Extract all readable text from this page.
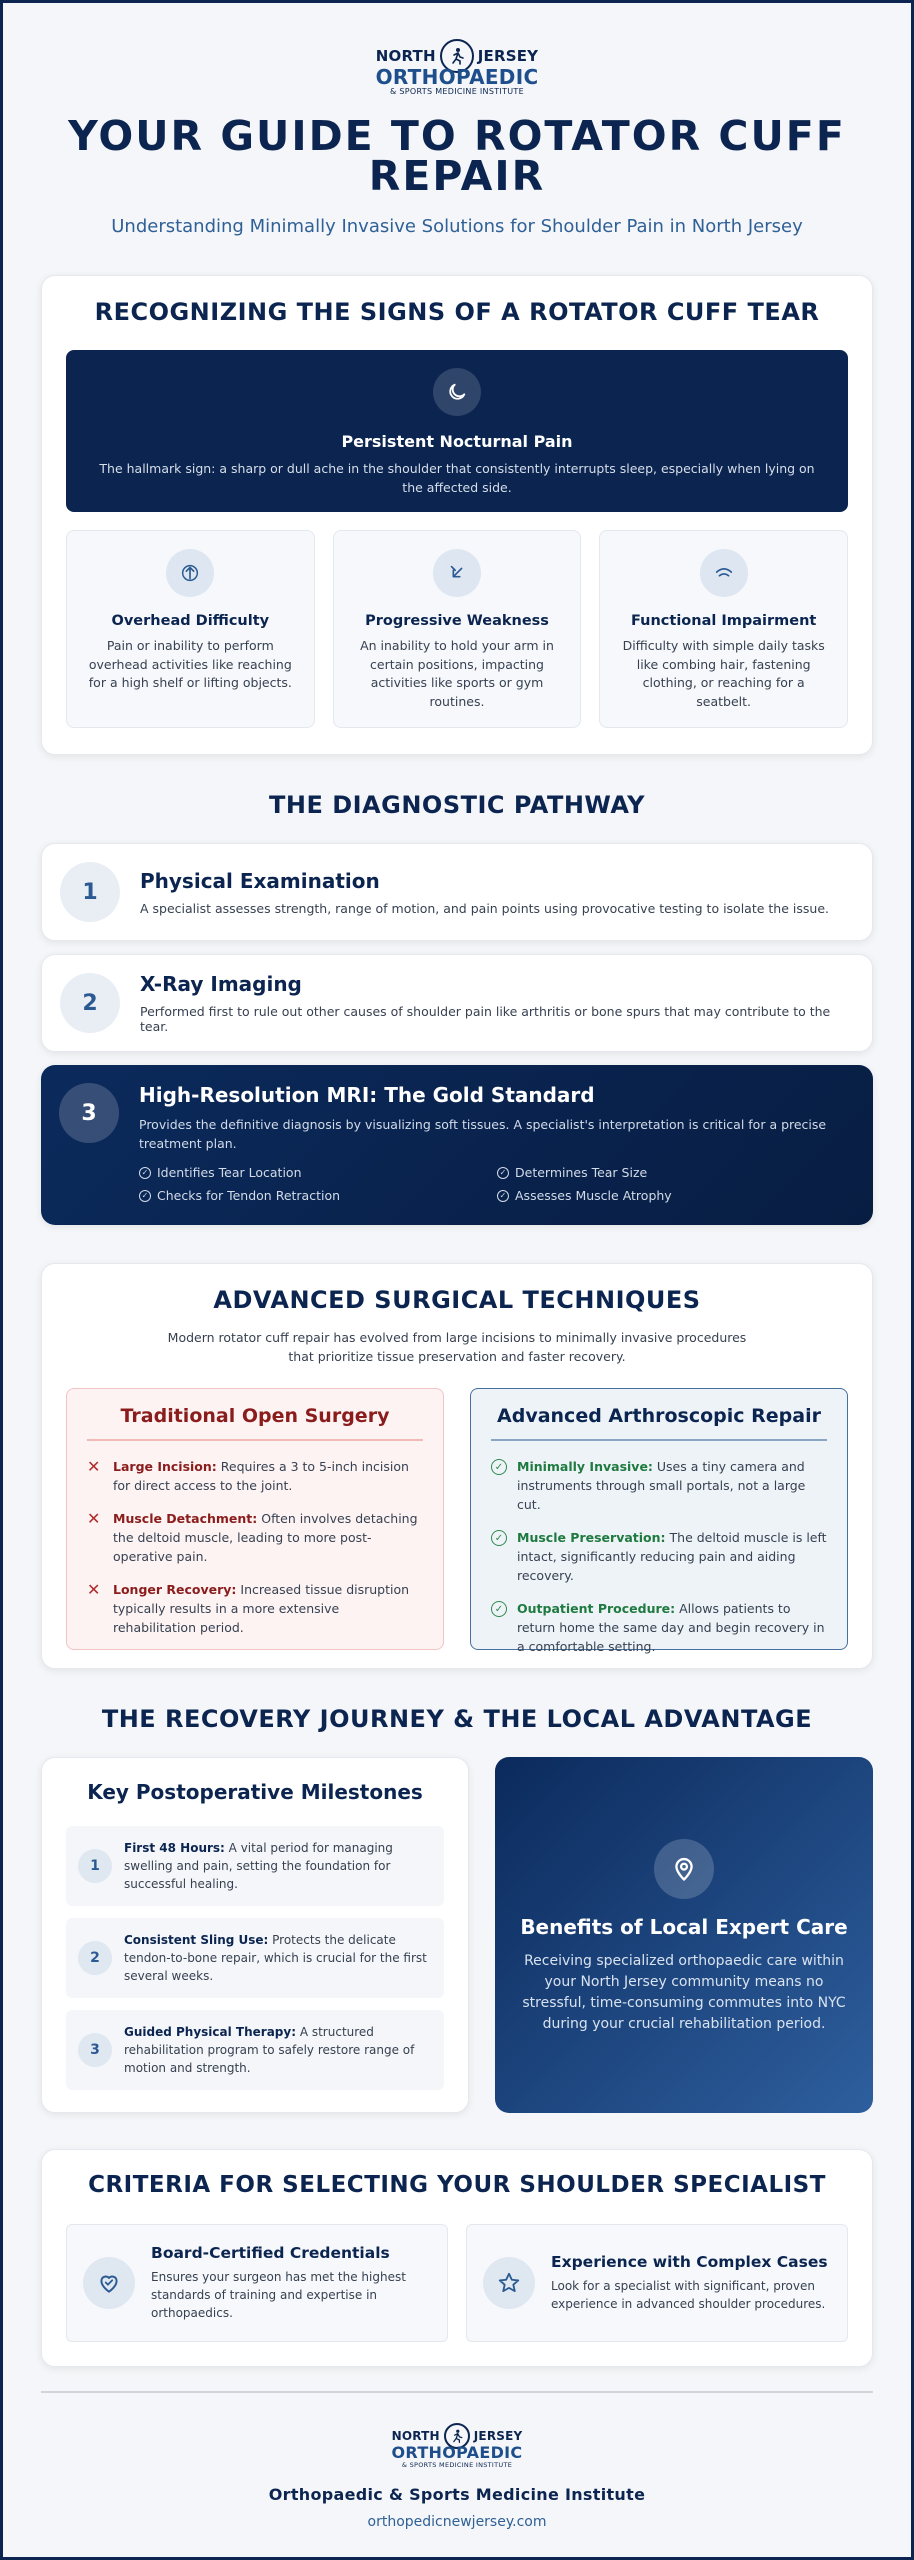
NORTH	JERSEY
ORTHOPAEDIC
& SPORTS MEDICINE INSTITUTE
YOUR GUIDE TO ROTATOR CUFF REPAIR

Understanding Minimally Invasive Solutions for Shoulder Pain in North Jersey

RECOGNIZING THE SIGNS OF A ROTATOR CUFF TEAR
Persistent Nocturnal Pain

The hallmark sign: a sharp or dull ache in the shoulder that consistently interrupts sleep, especially when lying on the affected side.

Overhead Difficulty

Pain or inability to perform overhead activities like reaching for a high shelf or lifting objects.

Progressive Weakness

An inability to hold your arm in certain positions, impacting activities like sports or gym routines.

Functional Impairment

Difficulty with simple daily tasks like combing hair, fastening clothing, or reaching for a seatbelt.

THE DIAGNOSTIC PATHWAY
1	Physical Examination

A specialist assesses strength, range of motion, and pain points using provocative testing to isolate the issue.

2
X-Ray Imaging

Performed first to rule out other causes of shoulder pain like arthritis or bone spurs that may contribute to the tear.

3
High-Resolution MRI: The Gold Standard

Provides the definitive diagnosis by visualizing soft tissues. A specialist's interpretation is critical for a precise treatment plan.

✓ Identifies Tear Location	✓ Determines Tear Size
✓ Checks for Tendon Retraction	✓ Assesses Muscle Atrophy
ADVANCED SURGICAL TECHNIQUES

Modern rotator cuff repair has evolved from large incisions to minimally invasive procedures that prioritize tissue preservation and faster recovery.

Traditional Open Surgery
✕ Large Incision: Requires a 3 to 5-inch incision for direct access to the joint.

✕ Muscle Detachment: Often involves detaching the deltoid muscle, leading to more post-operative pain.

✕ Longer Recovery: Increased tissue disruption typically results in a more extensive rehabilitation period.

Advanced Arthroscopic Repair
✓	Minimally Invasive: Uses a tiny camera and instruments through small portals, not a large cut.

✓	Muscle Preservation: The deltoid muscle is left intact, significantly reducing pain and aiding recovery.

✓	Outpatient Procedure: Allows patients to return home the same day and begin recovery in a comfortable setting.

THE RECOVERY JOURNEY & THE LOCAL ADVANTAGE
Key Postoperative Milestones
1

First 48 Hours: A vital period for managing swelling and pain, setting the foundation for successful healing.

2

Consistent Sling Use: Protects the delicate tendon-to-bone repair, which is crucial for the first several weeks.

3

Guided Physical Therapy: A structured rehabilitation program to safely restore range of motion and strength.

Benefits of Local Expert Care

Receiving specialized orthopaedic care within your North Jersey community means no stressful, time-consuming commutes into NYC during your crucial rehabilitation period.

CRITERIA FOR SELECTING YOUR SHOULDER SPECIALIST
Board-Certified Credentials

Ensures your surgeon has met the highest standards of training and expertise in orthopaedics.

Experience with Complex Cases

Look for a specialist with significant, proven experience in advanced shoulder procedures.

NORTH	JERSEY
ORTHOPAEDIC
& SPORTS MEDICINE INSTITUTE
Orthopaedic & Sports Medicine Institute
orthopedicnewjersey.com
